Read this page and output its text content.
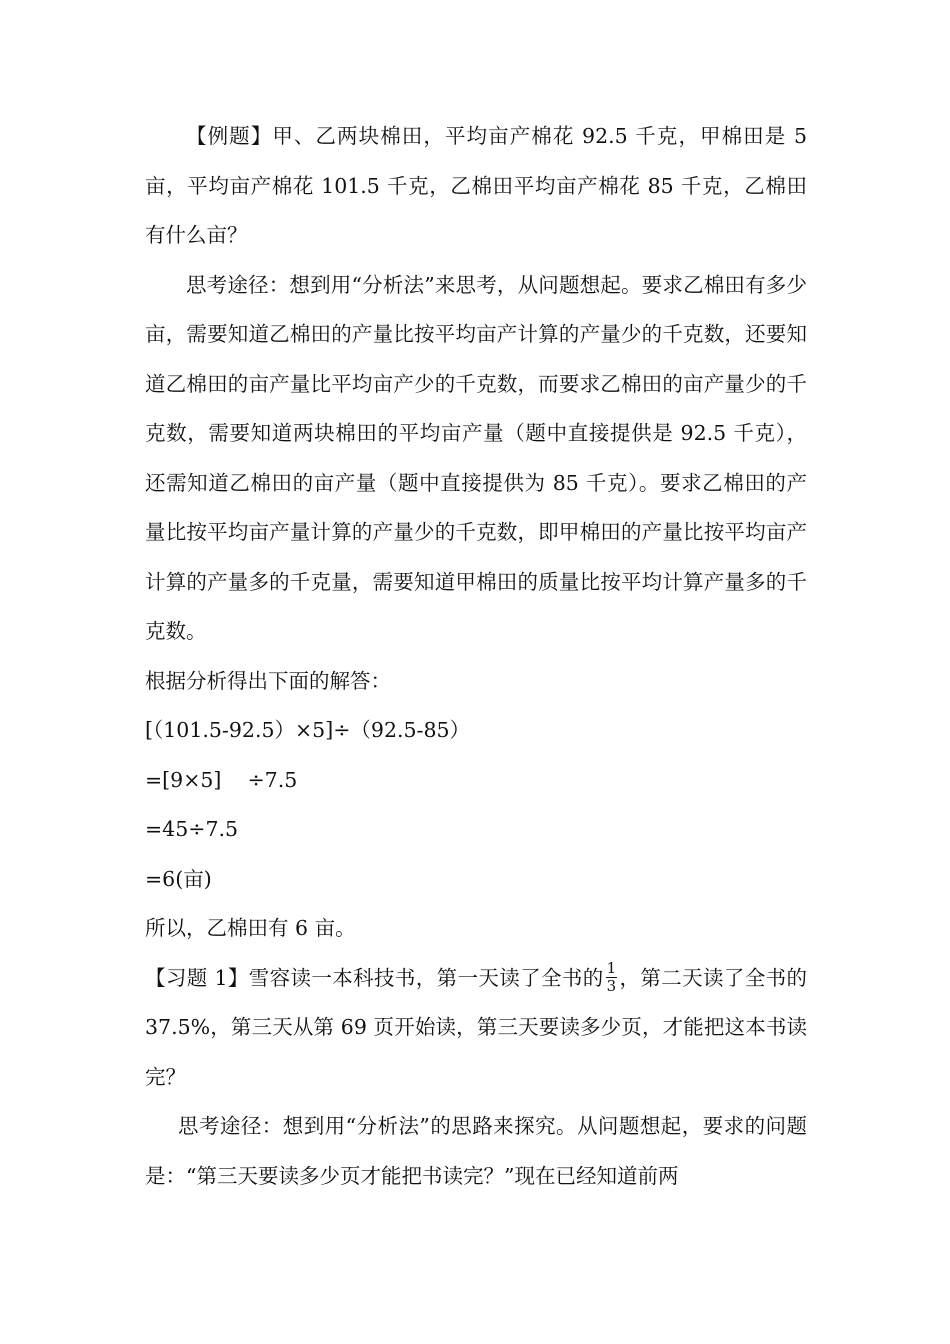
【例题】甲、乙两块棉田，平均亩产棉花 92.5 千克，甲棉田是 5 亩，平均亩产棉花 101.5 千克，乙棉田平均亩产棉花 85 千克，乙棉田有什么亩？

思考途径：想到用“分析法”来思考，从问题想起。要求乙棉田有多少亩，需要知道乙棉田的产量比按平均亩产计算的产量少的千克数，还要知道乙棉田的亩产量比平均亩产少的千克数，而要求乙棉田的亩产量少的千克数，需要知道两块棉田的平均亩产量（题中直接提供是 92.5 千克），还需知道乙棉田的亩产量（题中直接提供为 85 千克）。要求乙棉田的产量比按平均亩产量计算的产量少的千克数，即甲棉田的产量比按平均亩产计算的产量多的千克量，需要知道甲棉田的质量比按平均计算产量多的千克数。

根据分析得出下面的解答：

[（101.5-92.5）×5]÷（92.5-85）

=[9×5]    ÷7.5

=45÷7.5

=6(亩)

所以，乙棉田有 6 亩。

【习题 1】雪容读一本科技书，第一天读了全书的 $\frac{1}{3}$ ，第二天读了全书的 37.5%，第三天从第 69 页开始读，第三天要读多少页，才能把这本书读完？

思考途径：想到用“分析法”的思路来探究。从问题想起，要求的问题是：“第三天要读多少页才能把书读完？”现在已经知道前两
